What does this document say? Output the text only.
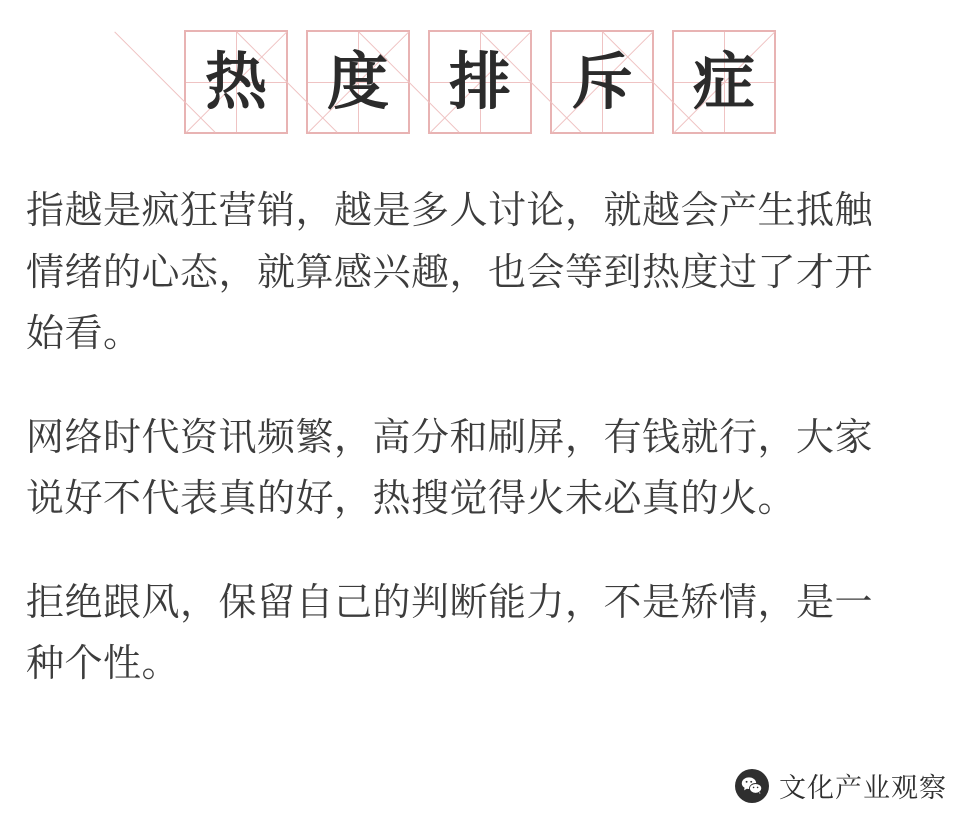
热 度 排 斥 症

指越是疯狂营销，越是多人讨论，就越会产生抵触情绪的心态，就算感兴趣，也会等到热度过了才开始看。

网络时代资讯频繁，高分和刷屏，有钱就行，大家说好不代表真的好，热搜觉得火未必真的火。

拒绝跟风，保留自己的判断能力，不是矫情，是一种个性。

文化产业观察
